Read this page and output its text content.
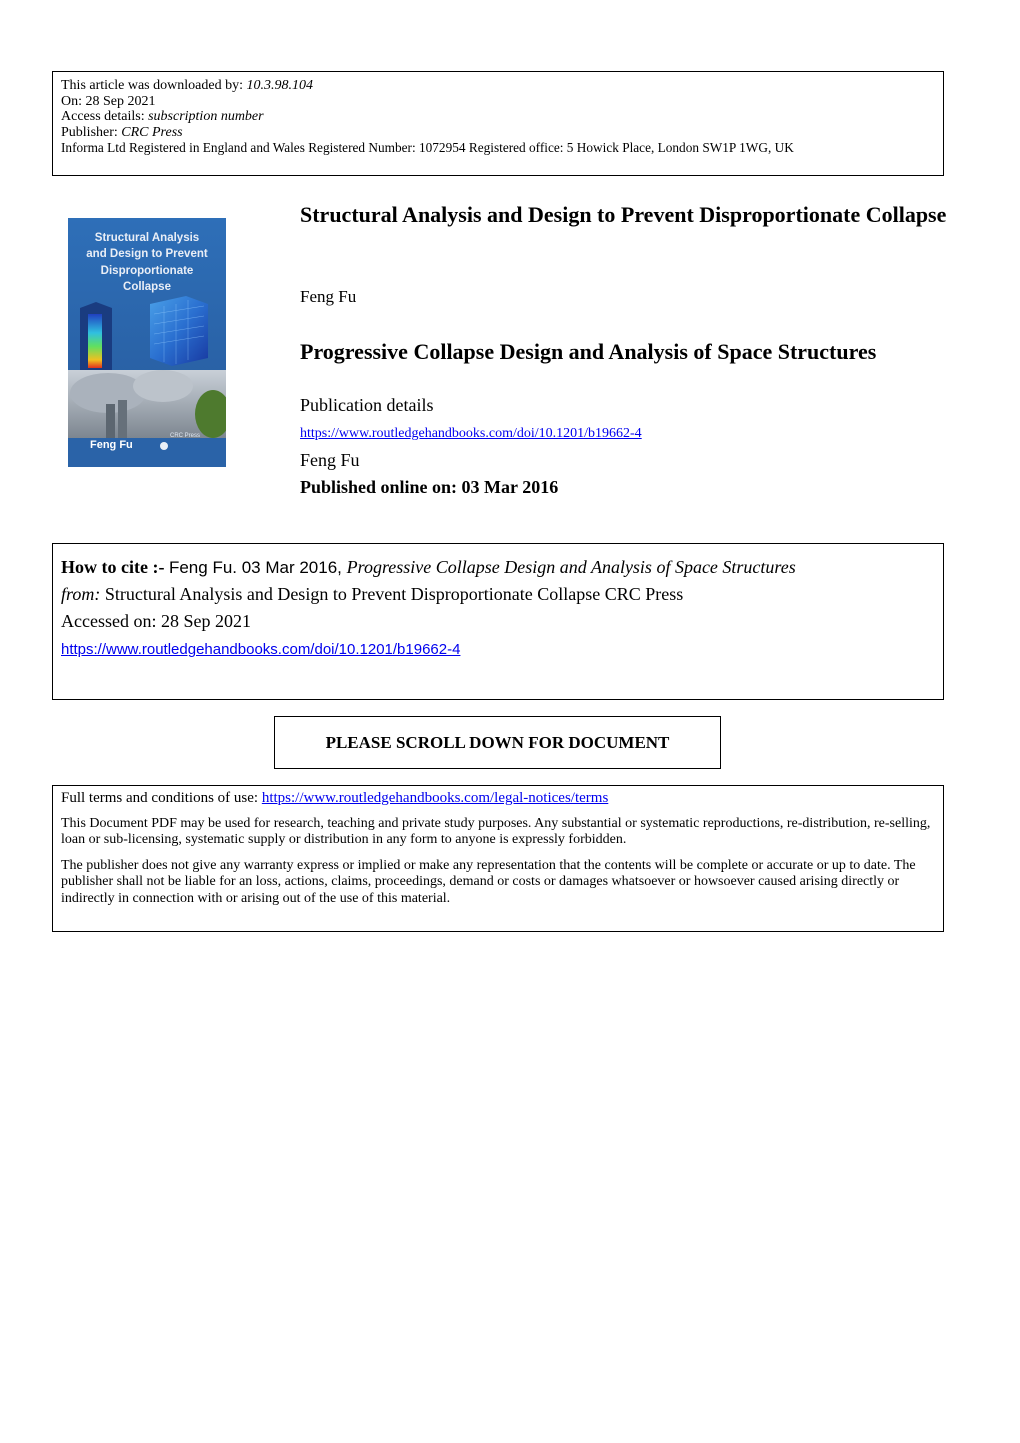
This article was downloaded by: 10.3.98.104
On: 28 Sep 2021
Access details: subscription number
Publisher: CRC Press
Informa Ltd Registered in England and Wales Registered Number: 1072954 Registered office: 5 Howick Place, London SW1P 1WG, UK
Structural Analysis
and Design to Prevent
Disproportionate
Collapse
Feng Fu
CRC Press
Structural Analysis and Design to Prevent Disproportionate Collapse
Feng Fu
Progressive Collapse Design and Analysis of Space Structures
Publication details
https://www.routledgehandbooks.com/doi/10.1201/b19662-4
Feng Fu
Published online on: 03 Mar 2016
How to cite :- Feng Fu. 03 Mar 2016, Progressive Collapse Design and Analysis of Space Structures
from: Structural Analysis and Design to Prevent Disproportionate Collapse CRC Press
Accessed on: 28 Sep 2021
https://www.routledgehandbooks.com/doi/10.1201/b19662-4
PLEASE SCROLL DOWN FOR DOCUMENT

Full terms and conditions of use: https://www.routledgehandbooks.com/legal-notices/terms

This Document PDF may be used for research, teaching and private study purposes. Any substantial or systematic reproductions, re-distribution, re-selling, loan or sub-licensing, systematic supply or distribution in any form to anyone is expressly forbidden.

The publisher does not give any warranty express or implied or make any representation that the contents will be complete or accurate or up to date. The publisher shall not be liable for an loss, actions, claims, proceedings, demand or costs or damages whatsoever or howsoever caused arising directly or indirectly in connection with or arising out of the use of this material.
